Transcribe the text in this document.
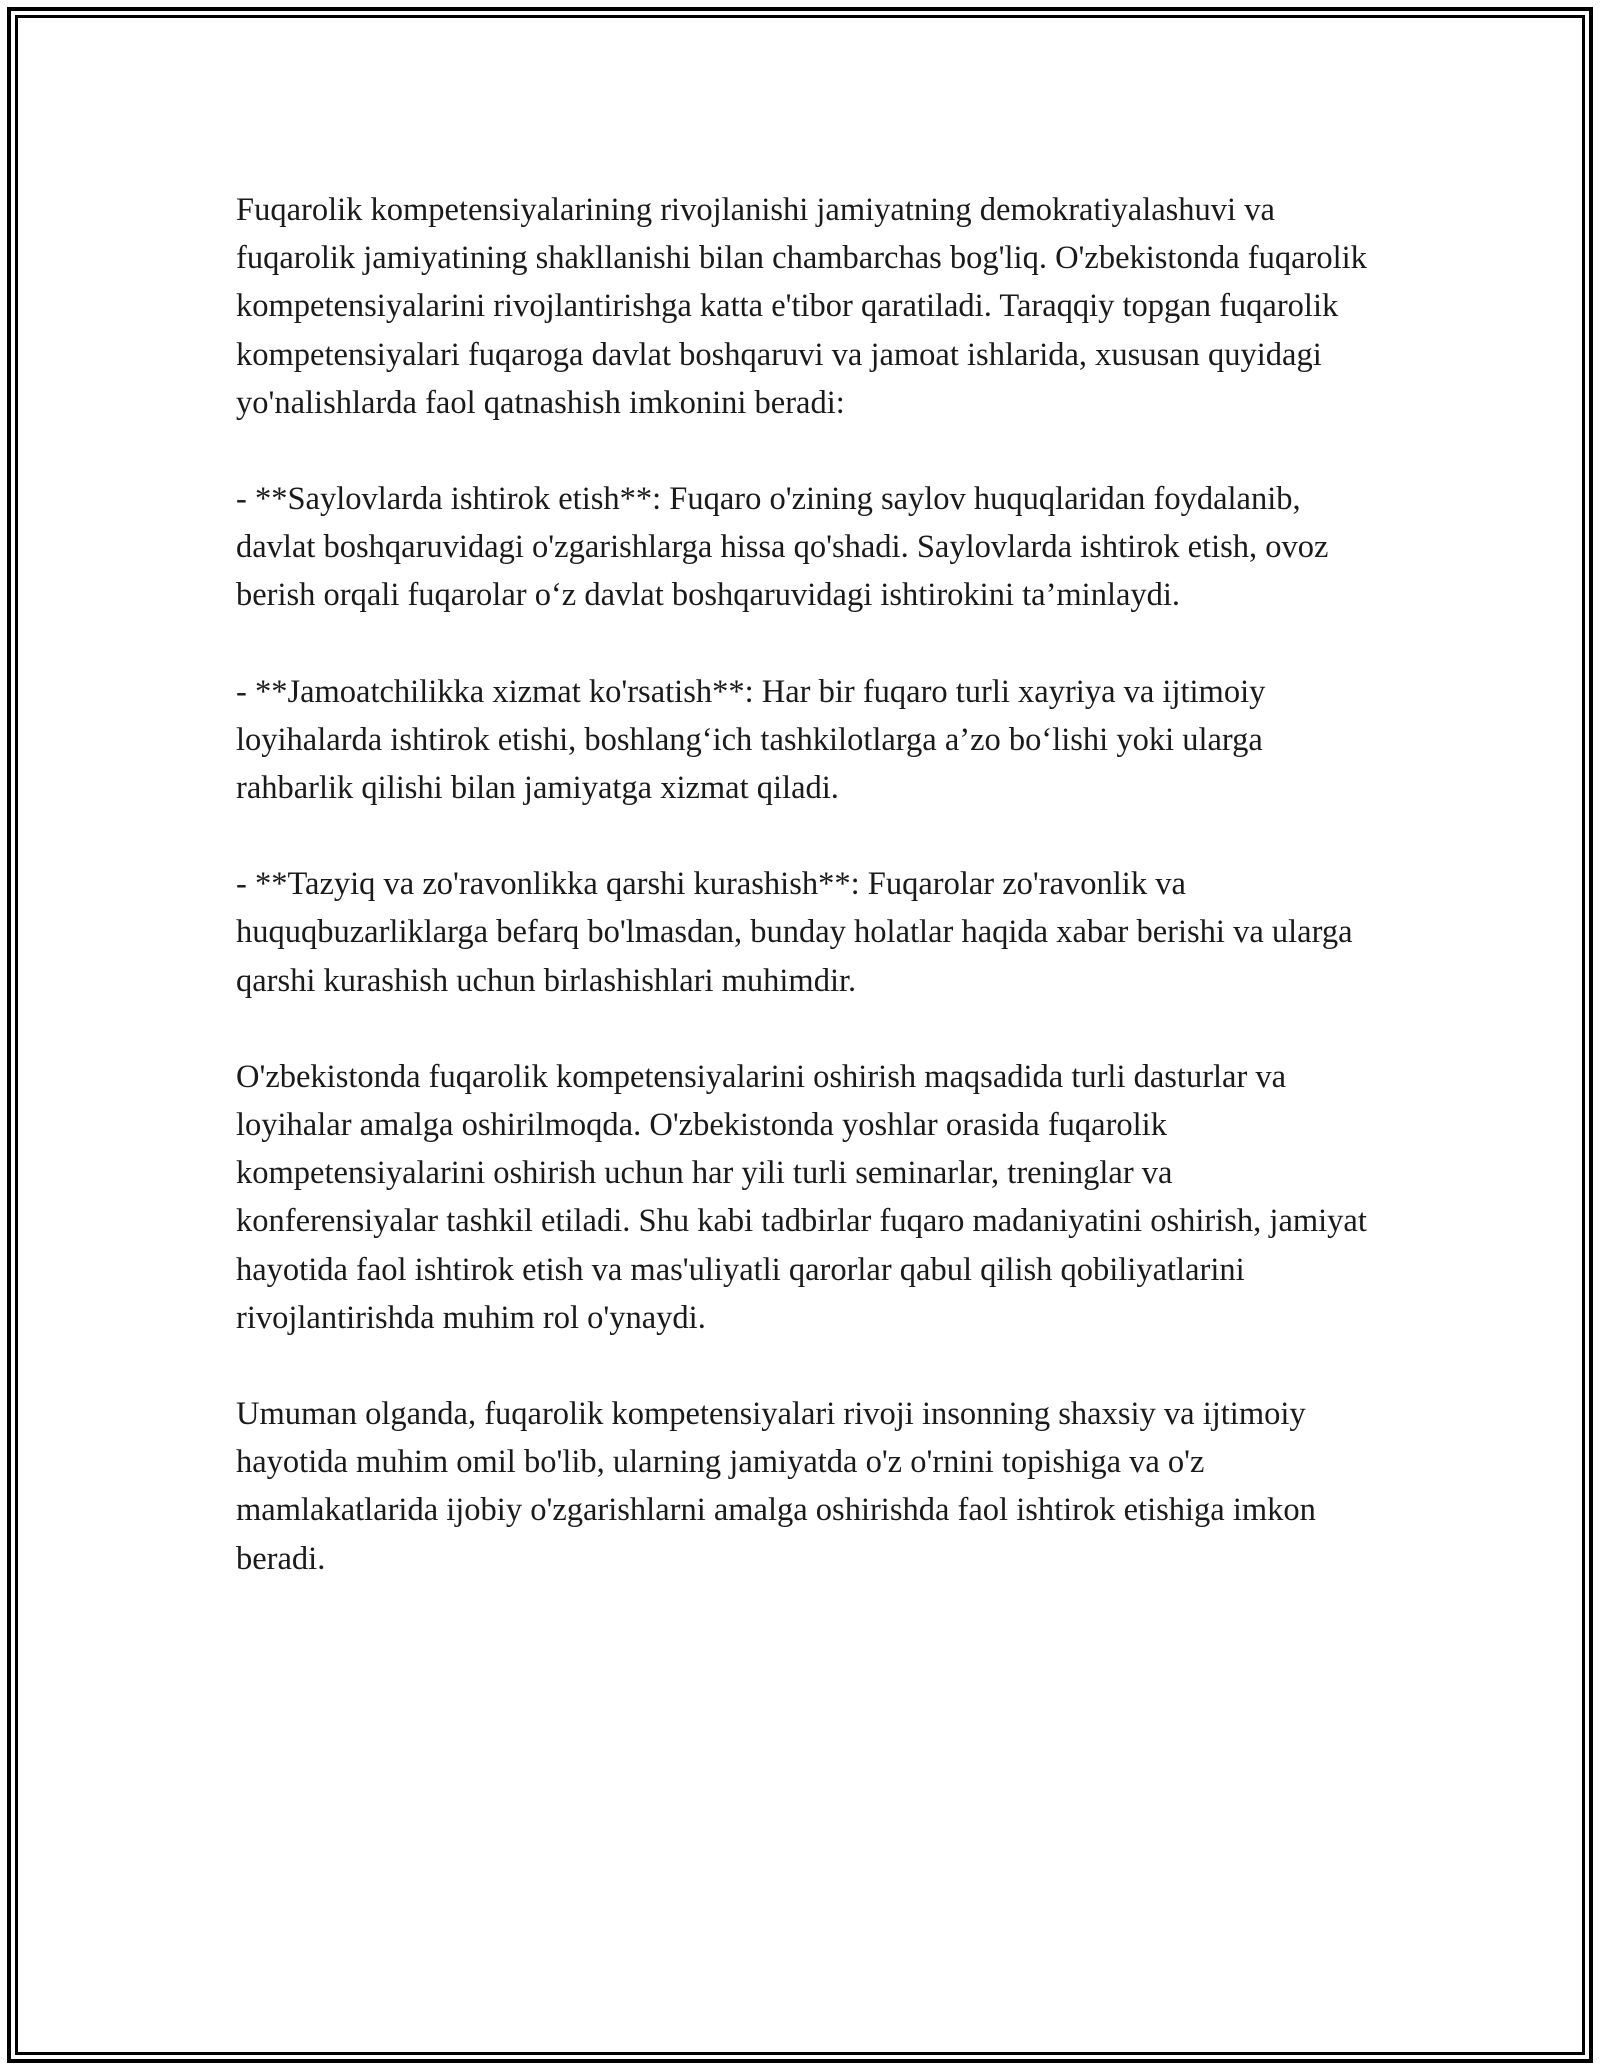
Fuqarolik kompetensiyalarining rivojlanishi jamiyatning demokratiyalashuvi va fuqarolik jamiyatining shakllanishi bilan chambarchas bog'liq. O'zbekistonda fuqarolik kompetensiyalarini rivojlantirishga katta e'tibor qaratiladi. Taraqqiy topgan fuqarolik kompetensiyalari fuqaroga davlat boshqaruvi va jamoat ishlarida, xususan quyidagi yo'nalishlarda faol qatnashish imkonini beradi:

- **Saylovlarda ishtirok etish**: Fuqaro o'zining saylov huquqlaridan foydalanib, davlat boshqaruvidagi o'zgarishlarga hissa qo'shadi. Saylovlarda ishtirok etish, ovoz berish orqali fuqarolar o‘z davlat boshqaruvidagi ishtirokini ta’minlaydi.

- **Jamoatchilikka xizmat ko'rsatish**: Har bir fuqaro turli xayriya va ijtimoiy loyihalarda ishtirok etishi, boshlang‘ich tashkilotlarga a’zo bo‘lishi yoki ularga rahbarlik qilishi bilan jamiyatga xizmat qiladi.

- **Tazyiq va zo'ravonlikka qarshi kurashish**: Fuqarolar zo'ravonlik va huquqbuzarliklarga befarq bo'lmasdan, bunday holatlar haqida xabar berishi va ularga qarshi kurashish uchun birlashishlari muhimdir.

O'zbekistonda fuqarolik kompetensiyalarini oshirish maqsadida turli dasturlar va loyihalar amalga oshirilmoqda. O'zbekistonda yoshlar orasida fuqarolik kompetensiyalarini oshirish uchun har yili turli seminarlar, treninglar va konferensiyalar tashkil etiladi. Shu kabi tadbirlar fuqaro madaniyatini oshirish, jamiyat hayotida faol ishtirok etish va mas'uliyatli qarorlar qabul qilish qobiliyatlarini rivojlantirishda muhim rol o'ynaydi.

Umuman olganda, fuqarolik kompetensiyalari rivoji insonning shaxsiy va ijtimoiy hayotida muhim omil bo'lib, ularning jamiyatda o'z o'rnini topishiga va o'z mamlakatlarida ijobiy o'zgarishlarni amalga oshirishda faol ishtirok etishiga imkon beradi.
